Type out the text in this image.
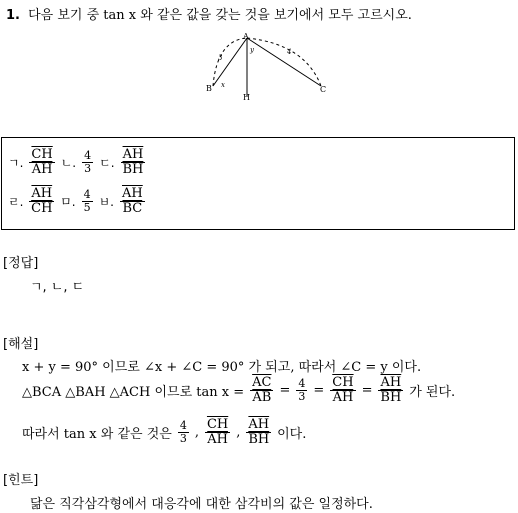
1. 다음 보기 중 tan x 와 같은 값을 갖는 것을 보기에서 모두 고르시오.
A
B	C
H
x
y
3
4
ㄱ. $\frac{\overline{CH}}{AH}$ ㄴ. $\frac{4}{3}$ ㄷ. $\frac{\overline{AH}}{BH}$
ㄹ. $\frac{\overline{AH}}{CH}$ ㅁ. $\frac{4}{5}$ ㅂ. $\frac{\overline{AH}}{BC}$
[정답]
ㄱ, ㄴ, ㄷ
[해설]
x + y = 90° 이므로 ∠x + ∠C = 90° 가 되고, 따라서 ∠C = y 이다.
△BCA △BAH △ACH 이므로 $\tan x = \frac{\overline{AC}}{AB} = \frac{4}{3} = \frac{\overline{CH}}{AH} = \frac{\overline{AH}}{BH}$ 가 된다.
따라서 tan x 와 같은 것은 $\frac{4}{3}$ , $\frac{\overline{CH}}{AH}$ , $\frac{\overline{AH}}{BH}$ 이다.
[힌트]
닮은 직각삼각형에서 대응각에 대한 삼각비의 값은 일정하다.
